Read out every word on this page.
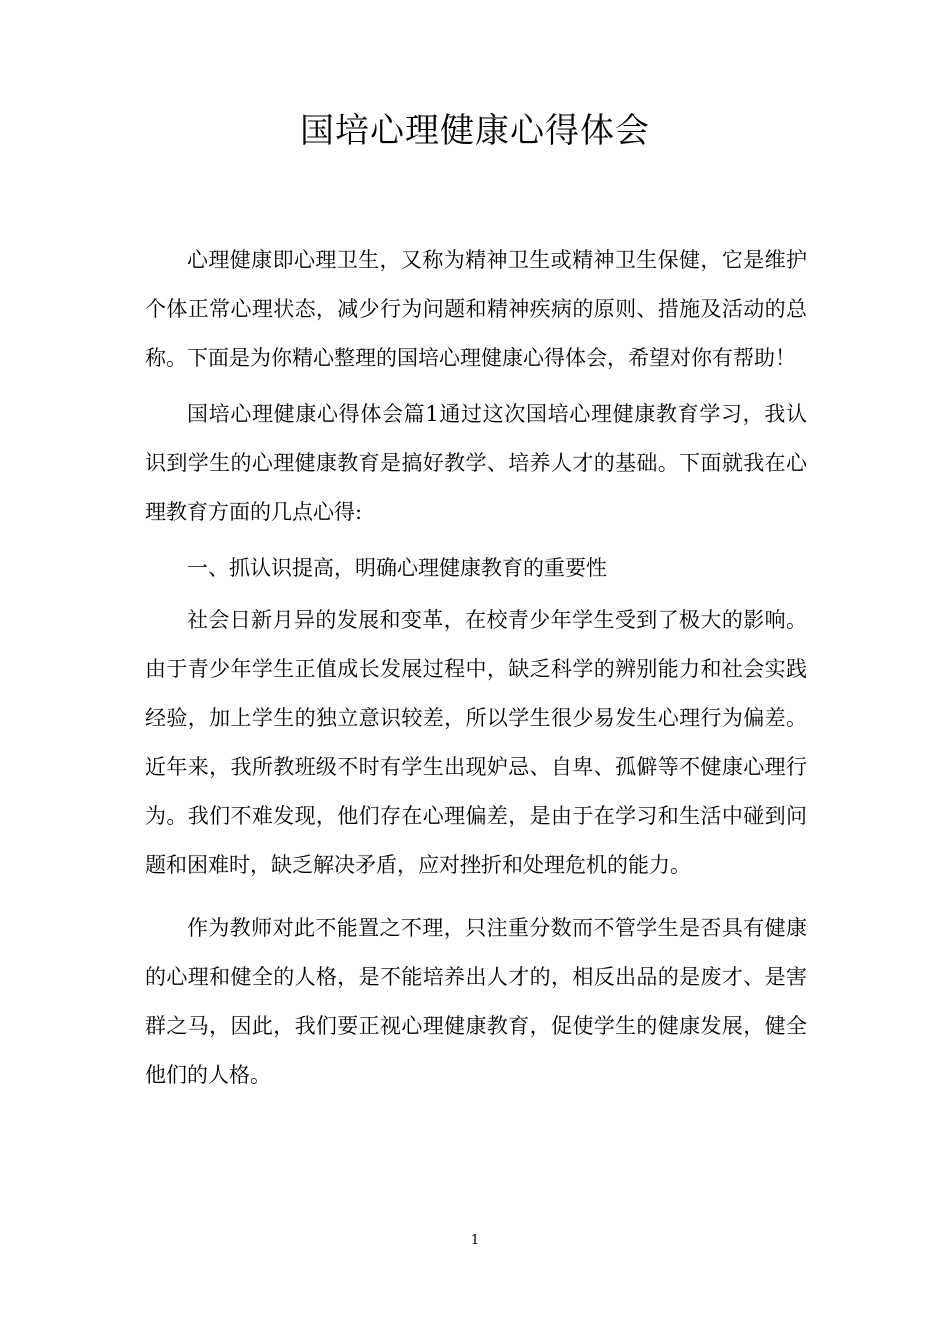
国培心理健康心得体会

心理健康即心理卫生，又称为精神卫生或精神卫生保健，它是维护个体正常心理状态，减少行为问题和精神疾病的原则、措施及活动的总称。下面是为你精心整理的国培心理健康心得体会，希望对你有帮助！

国培心理健康心得体会篇1通过这次国培心理健康教育学习，我认识到学生的心理健康教育是搞好教学、培养人才的基础。下面就我在心理教育方面的几点心得:

一、抓认识提高，明确心理健康教育的重要性

社会日新月异的发展和变革，在校青少年学生受到了极大的影响。由于青少年学生正值成长发展过程中，缺乏科学的辨别能力和社会实践经验，加上学生的独立意识较差，所以学生很少易发生心理行为偏差。近年来，我所教班级不时有学生出现妒忌、自卑、孤僻等不健康心理行为。我们不难发现，他们存在心理偏差，是由于在学习和生活中碰到问题和困难时，缺乏解决矛盾，应对挫折和处理危机的能力。

作为教师对此不能置之不理，只注重分数而不管学生是否具有健康的心理和健全的人格，是不能培养出人才的，相反出品的是废才、是害群之马，因此，我们要正视心理健康教育，促使学生的健康发展，健全他们的人格。

1
